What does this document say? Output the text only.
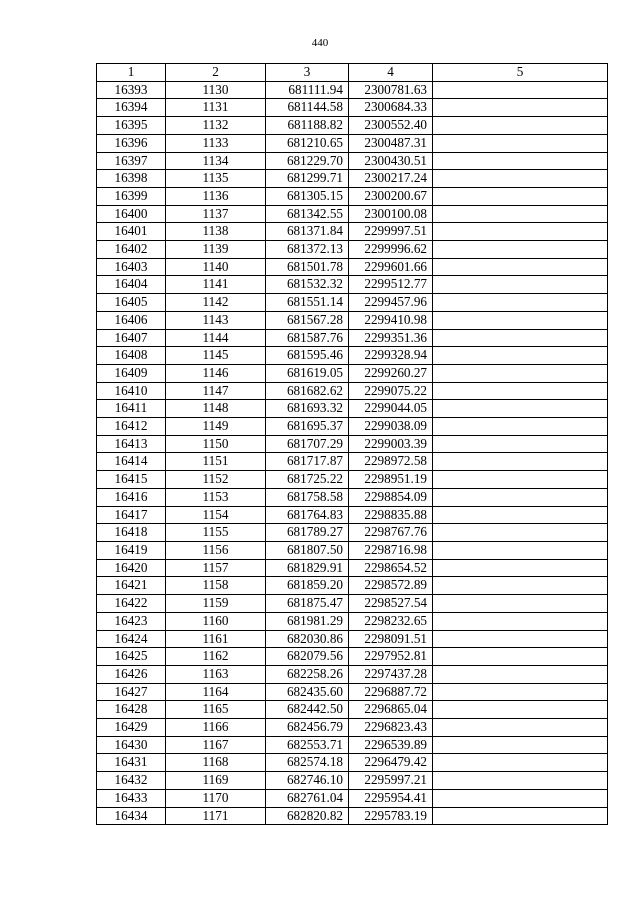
440
1	2	3	4	5
16393	1130	681111.94	2300781.63	
16394	1131	681144.58	2300684.33	
16395	1132	681188.82	2300552.40	
16396	1133	681210.65	2300487.31	
16397	1134	681229.70	2300430.51	
16398	1135	681299.71	2300217.24	
16399	1136	681305.15	2300200.67	
16400	1137	681342.55	2300100.08	
16401	1138	681371.84	2299997.51	
16402	1139	681372.13	2299996.62	
16403	1140	681501.78	2299601.66	
16404	1141	681532.32	2299512.77	
16405	1142	681551.14	2299457.96	
16406	1143	681567.28	2299410.98	
16407	1144	681587.76	2299351.36	
16408	1145	681595.46	2299328.94	
16409	1146	681619.05	2299260.27	
16410	1147	681682.62	2299075.22	
16411	1148	681693.32	2299044.05	
16412	1149	681695.37	2299038.09	
16413	1150	681707.29	2299003.39	
16414	1151	681717.87	2298972.58	
16415	1152	681725.22	2298951.19	
16416	1153	681758.58	2298854.09	
16417	1154	681764.83	2298835.88	
16418	1155	681789.27	2298767.76	
16419	1156	681807.50	2298716.98	
16420	1157	681829.91	2298654.52	
16421	1158	681859.20	2298572.89	
16422	1159	681875.47	2298527.54	
16423	1160	681981.29	2298232.65	
16424	1161	682030.86	2298091.51	
16425	1162	682079.56	2297952.81	
16426	1163	682258.26	2297437.28	
16427	1164	682435.60	2296887.72	
16428	1165	682442.50	2296865.04	
16429	1166	682456.79	2296823.43	
16430	1167	682553.71	2296539.89	
16431	1168	682574.18	2296479.42	
16432	1169	682746.10	2295997.21	
16433	1170	682761.04	2295954.41	
16434	1171	682820.82	2295783.19	
